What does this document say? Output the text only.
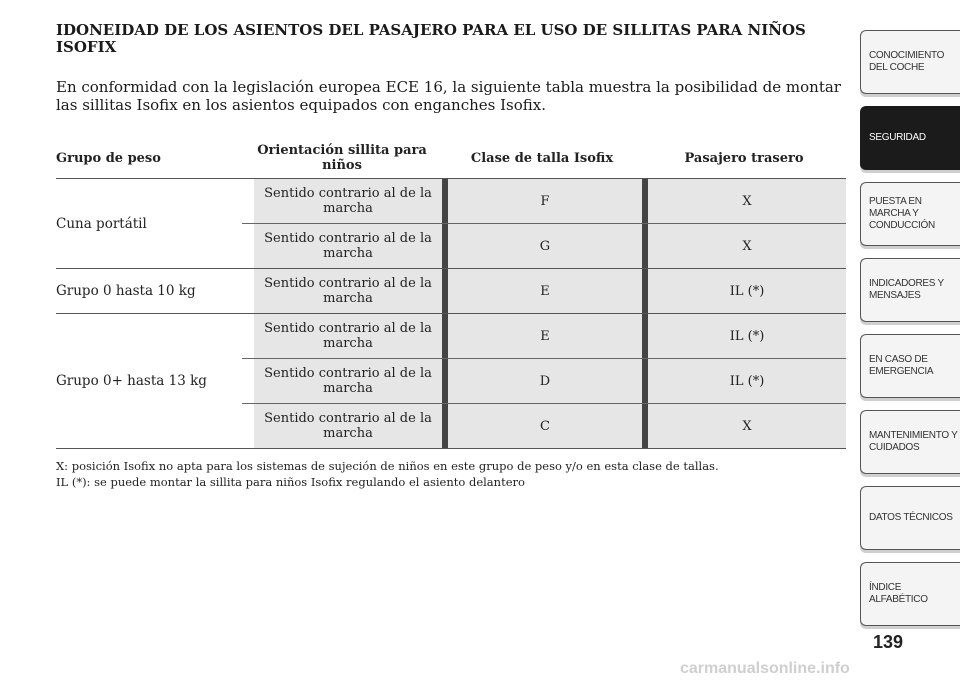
IDONEIDAD DE LOS ASIENTOS DEL PASAJERO PARA EL USO DE SILLITAS PARA NIÑOS ISOFIX

En conformidad con la legislación europea ECE 16, la siguiente tabla muestra la posibilidad de montar las sillitas Isofix en los asientos equipados con enganches Isofix.

Grupo de peso	Orientación sillita para niños	Clase de talla Isofix	Pasajero trasero
Cuna portátil
Sentido contrario al de la marcha	F	X
Sentido contrario al de la marcha	G	X
Grupo 0 hasta 10 kg	Sentido contrario al de la marcha	E	IL (*)
Grupo 0+ hasta 13 kg
Sentido contrario al de la marcha	E	IL (*)
Sentido contrario al de la marcha	D	IL (*)
Sentido contrario al de la marcha	C	X

X: posición Isofix no apta para los sistemas de sujeción de niños en este grupo de peso y/o en esta clase de tallas.

IL (*): se puede montar la sillita para niños Isofix regulando el asiento delantero

CONOCIMIENTO
DEL COCHE
SEGURIDAD
PUESTA EN
MARCHA Y
CONDUCCIÓN
INDICADORES Y
MENSAJES
EN CASO DE
EMERGENCIA
MANTENIMIENTO Y
CUIDADOS
DATOS TÉCNICOS
ÍNDICE
ALFABÉTICO
139
carmanualsonline.info
